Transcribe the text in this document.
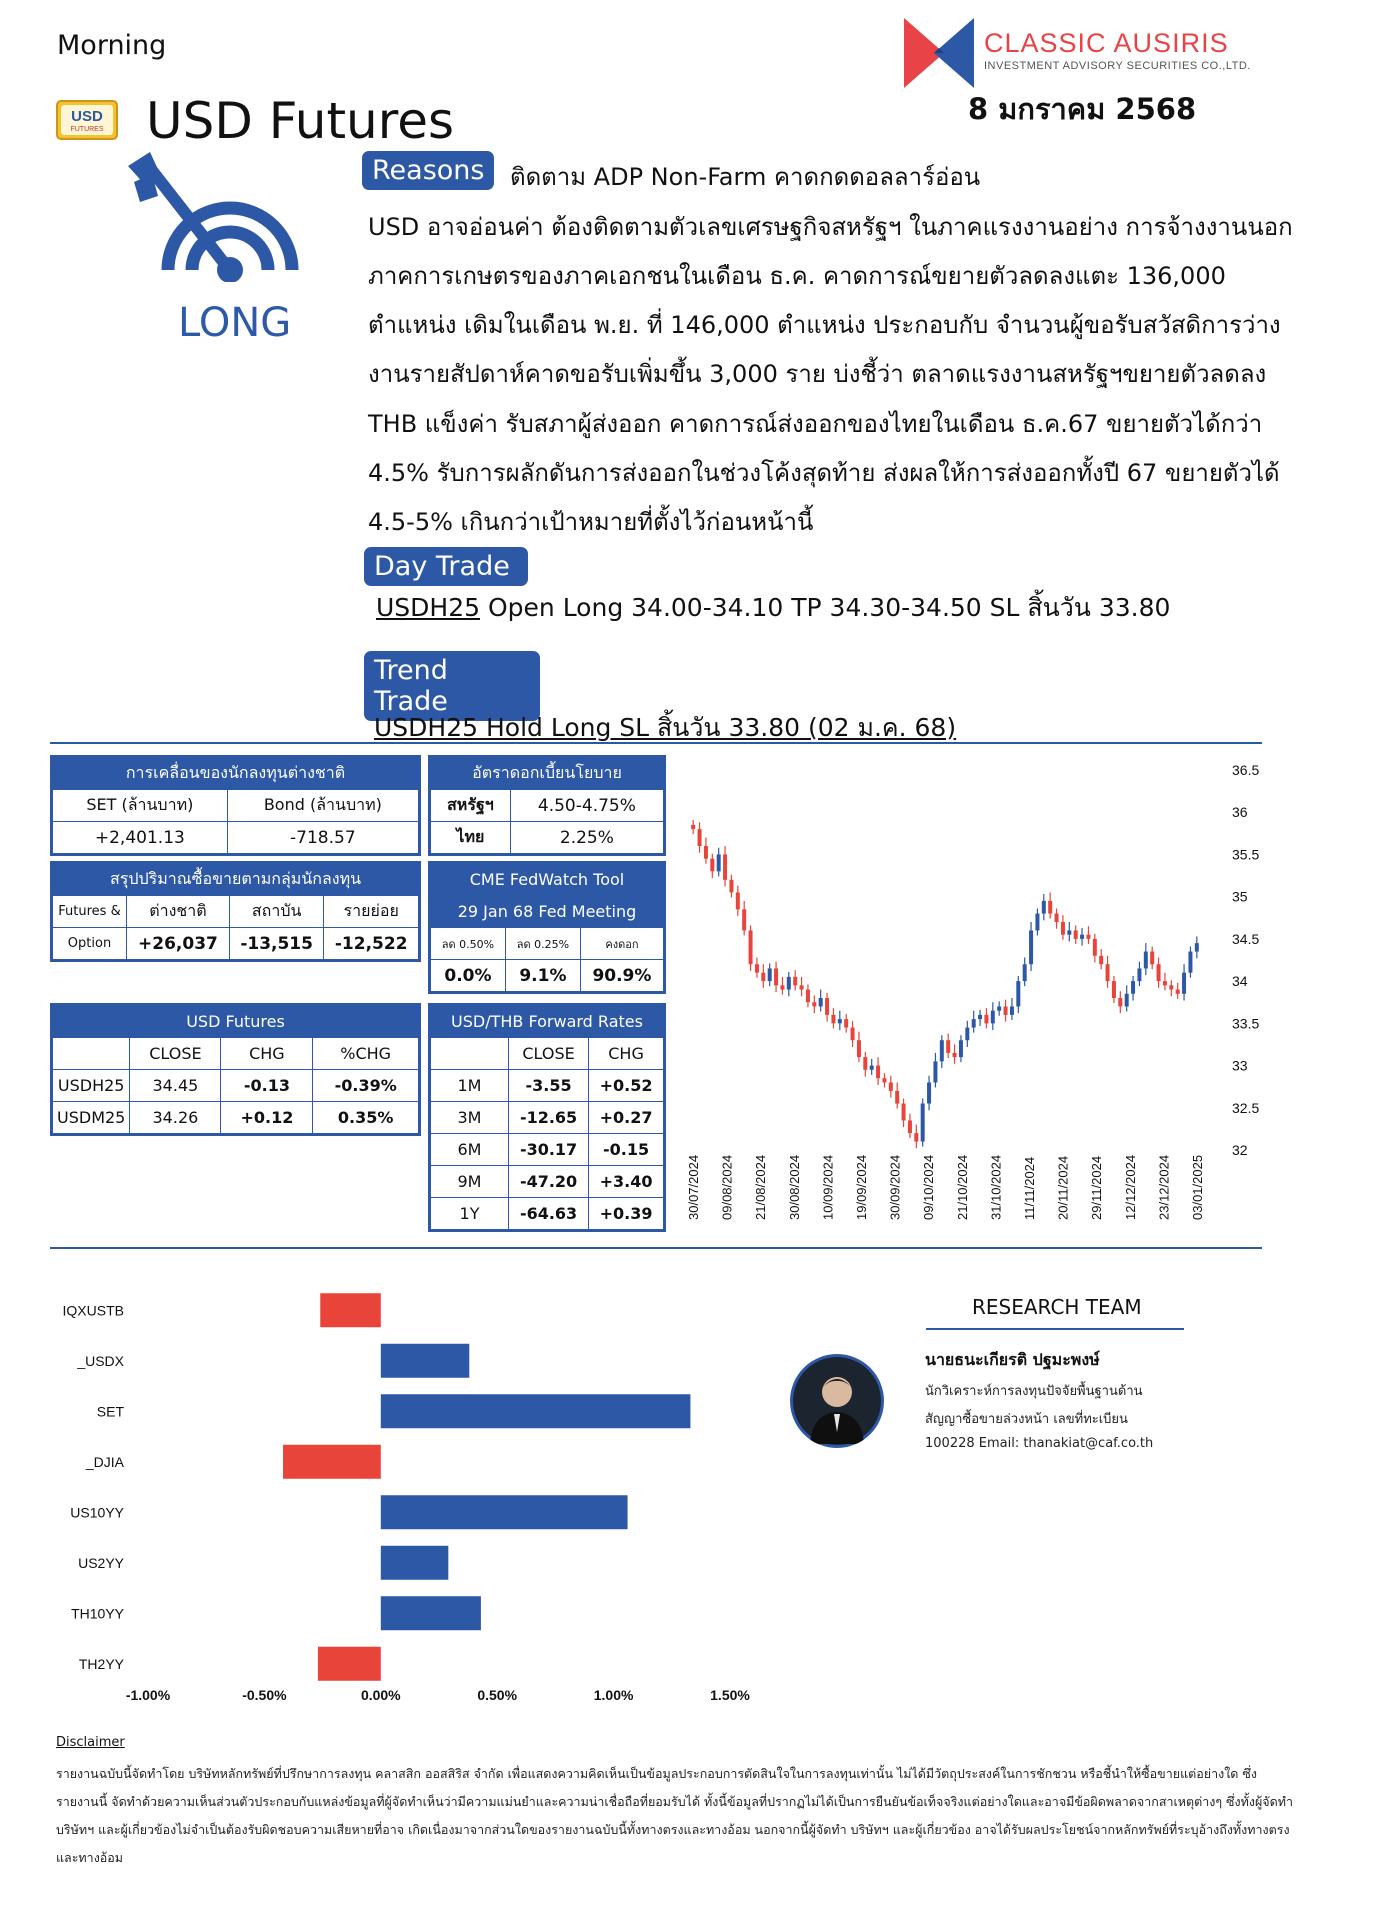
Morning
USD
FUTURES USD Futures
CLASSIC AUSIRIS
INVESTMENT ADVISORY SECURITIES CO.,LTD.
8 มกราคม 2568
LONG
Reasons	ติดตาม ADP Non-Farm คาดกดดอลลาร์อ่อน
USD อาจอ่อนค่า ต้องติดตามตัวเลขเศรษฐกิจสหรัฐฯ ในภาคแรงงานอย่าง การจ้างงานนอกภาคการเกษตรของภาคเอกชนในเดือน ธ.ค. คาดการณ์ขยายตัวลดลงแตะ 136,000 ตำแหน่ง เดิมในเดือน พ.ย. ที่ 146,000 ตำแหน่ง ประกอบกับ จำนวนผู้ขอรับสวัสดิการว่างงานรายสัปดาห์คาดขอรับเพิ่มขึ้น 3,000 ราย บ่งชี้ว่า ตลาดแรงงานสหรัฐฯขยายตัวลดลง
THB แข็งค่า รับสภาผู้ส่งออก คาดการณ์ส่งออกของไทยในเดือน ธ.ค.67 ขยายตัวได้กว่า 4.5% รับการผลักดันการส่งออกในช่วงโค้งสุดท้าย ส่งผลให้การส่งออกทั้งปี 67 ขยายตัวได้ 4.5-5% เกินกว่าเป้าหมายที่ตั้งไว้ก่อนหน้านี้
Day Trade
USDH25 Open Long 34.00-34.10 TP 34.30-34.50 SL สิ้นวัน 33.80
Trend Trade
USDH25 Hold Long SL สิ้นวัน 33.80 (02 ม.ค. 68)
การเคลื่อนของนักลงทุนต่างชาติ	
SET (ล้านบาท)	Bond (ล้านบาท)
+2,401.13	-718.57
อัตราดอกเบี้ยนโยบาย	
สหรัฐฯ	4.50-4.75%
ไทย	2.25%
สรุปปริมาณซื้อขายตามกลุ่มนักลงทุน			
Futures &	ต่างชาติ	สถาบัน	รายย่อย
Option	+26,037	-13,515	-12,522
CME FedWatch Tool		
29 Jan 68 Fed Meeting		
ลด 0.50%	ลด 0.25%	คงดอก
0.0%	9.1%	90.9%
USD Futures			
	CLOSE	CHG	%CHG
USDH25	34.45	-0.13	-0.39%
USDM25	34.26	+0.12	0.35%
USD/THB Forward Rates		
	CLOSE	CHG
1M	-3.55	+0.52
3M	-12.65	+0.27
6M	-30.17	-0.15
9M	-47.20	+3.40
1Y	-64.63	+0.39
36.5
36
35.5
35
34.5
34
33.5
33
32.5
32
30/07/2024 09/08/2024 21/08/2024 30/08/2024 10/09/2024 19/09/2024 30/09/2024 09/10/2024 21/10/2024 31/10/2024 11/11/2024 20/11/2024 29/11/2024 12/12/2024 23/12/2024 03/01/2025
IQXUSTB
_USDX
SET
_DJIA
US10YY
US2YY
TH10YY
TH2YY
-1.00%	-0.50%	0.00%	0.50%	1.00%	1.50%
RESEARCH TEAM
นายธนะเกียรติ ปฐมะพงษ์
นักวิเคราะห์การลงทุนปัจจัยพื้นฐานด้าน
สัญญาซื้อขายล่วงหน้า เลขที่ทะเบียน
100228 Email: thanakiat@caf.co.th
Disclaimer
รายงานฉบับนี้จัดทำโดย บริษัทหลักทรัพย์ที่ปรึกษาการลงทุน คลาสสิก ออสสิริส จำกัด เพื่อแสดงความคิดเห็นเป็นข้อมูลประกอบการตัดสินใจในการลงทุนเท่านั้น ไม่ได้มีวัตถุประสงค์ในการชักชวน หรือชี้นำให้ซื้อขายแต่อย่างใด ซึ่งรายงานนี้ จัดทำด้วยความเห็นส่วนตัวประกอบกับแหล่งข้อมูลที่ผู้จัดทำเห็นว่ามีความแม่นยำและความน่าเชื่อถือที่ยอมรับได้ ทั้งนี้ข้อมูลที่ปรากฏไม่ได้เป็นการยืนยันข้อเท็จจริงแต่อย่างใดและอาจมีข้อผิดพลาดจากสาเหตุต่างๆ ซึ่งทั้งผู้จัดทำ บริษัทฯ และผู้เกี่ยวข้องไม่จำเป็นต้องรับผิดชอบความเสียหายที่อาจ เกิดเนื่องมาจากส่วนใดของรายงานฉบับนี้ทั้งทางตรงและทางอ้อม นอกจากนี้ผู้จัดทำ บริษัทฯ และผู้เกี่ยวข้อง อาจได้รับผลประโยชน์จากหลักทรัพย์ที่ระบุอ้างถึงทั้งทางตรงและทางอ้อม
